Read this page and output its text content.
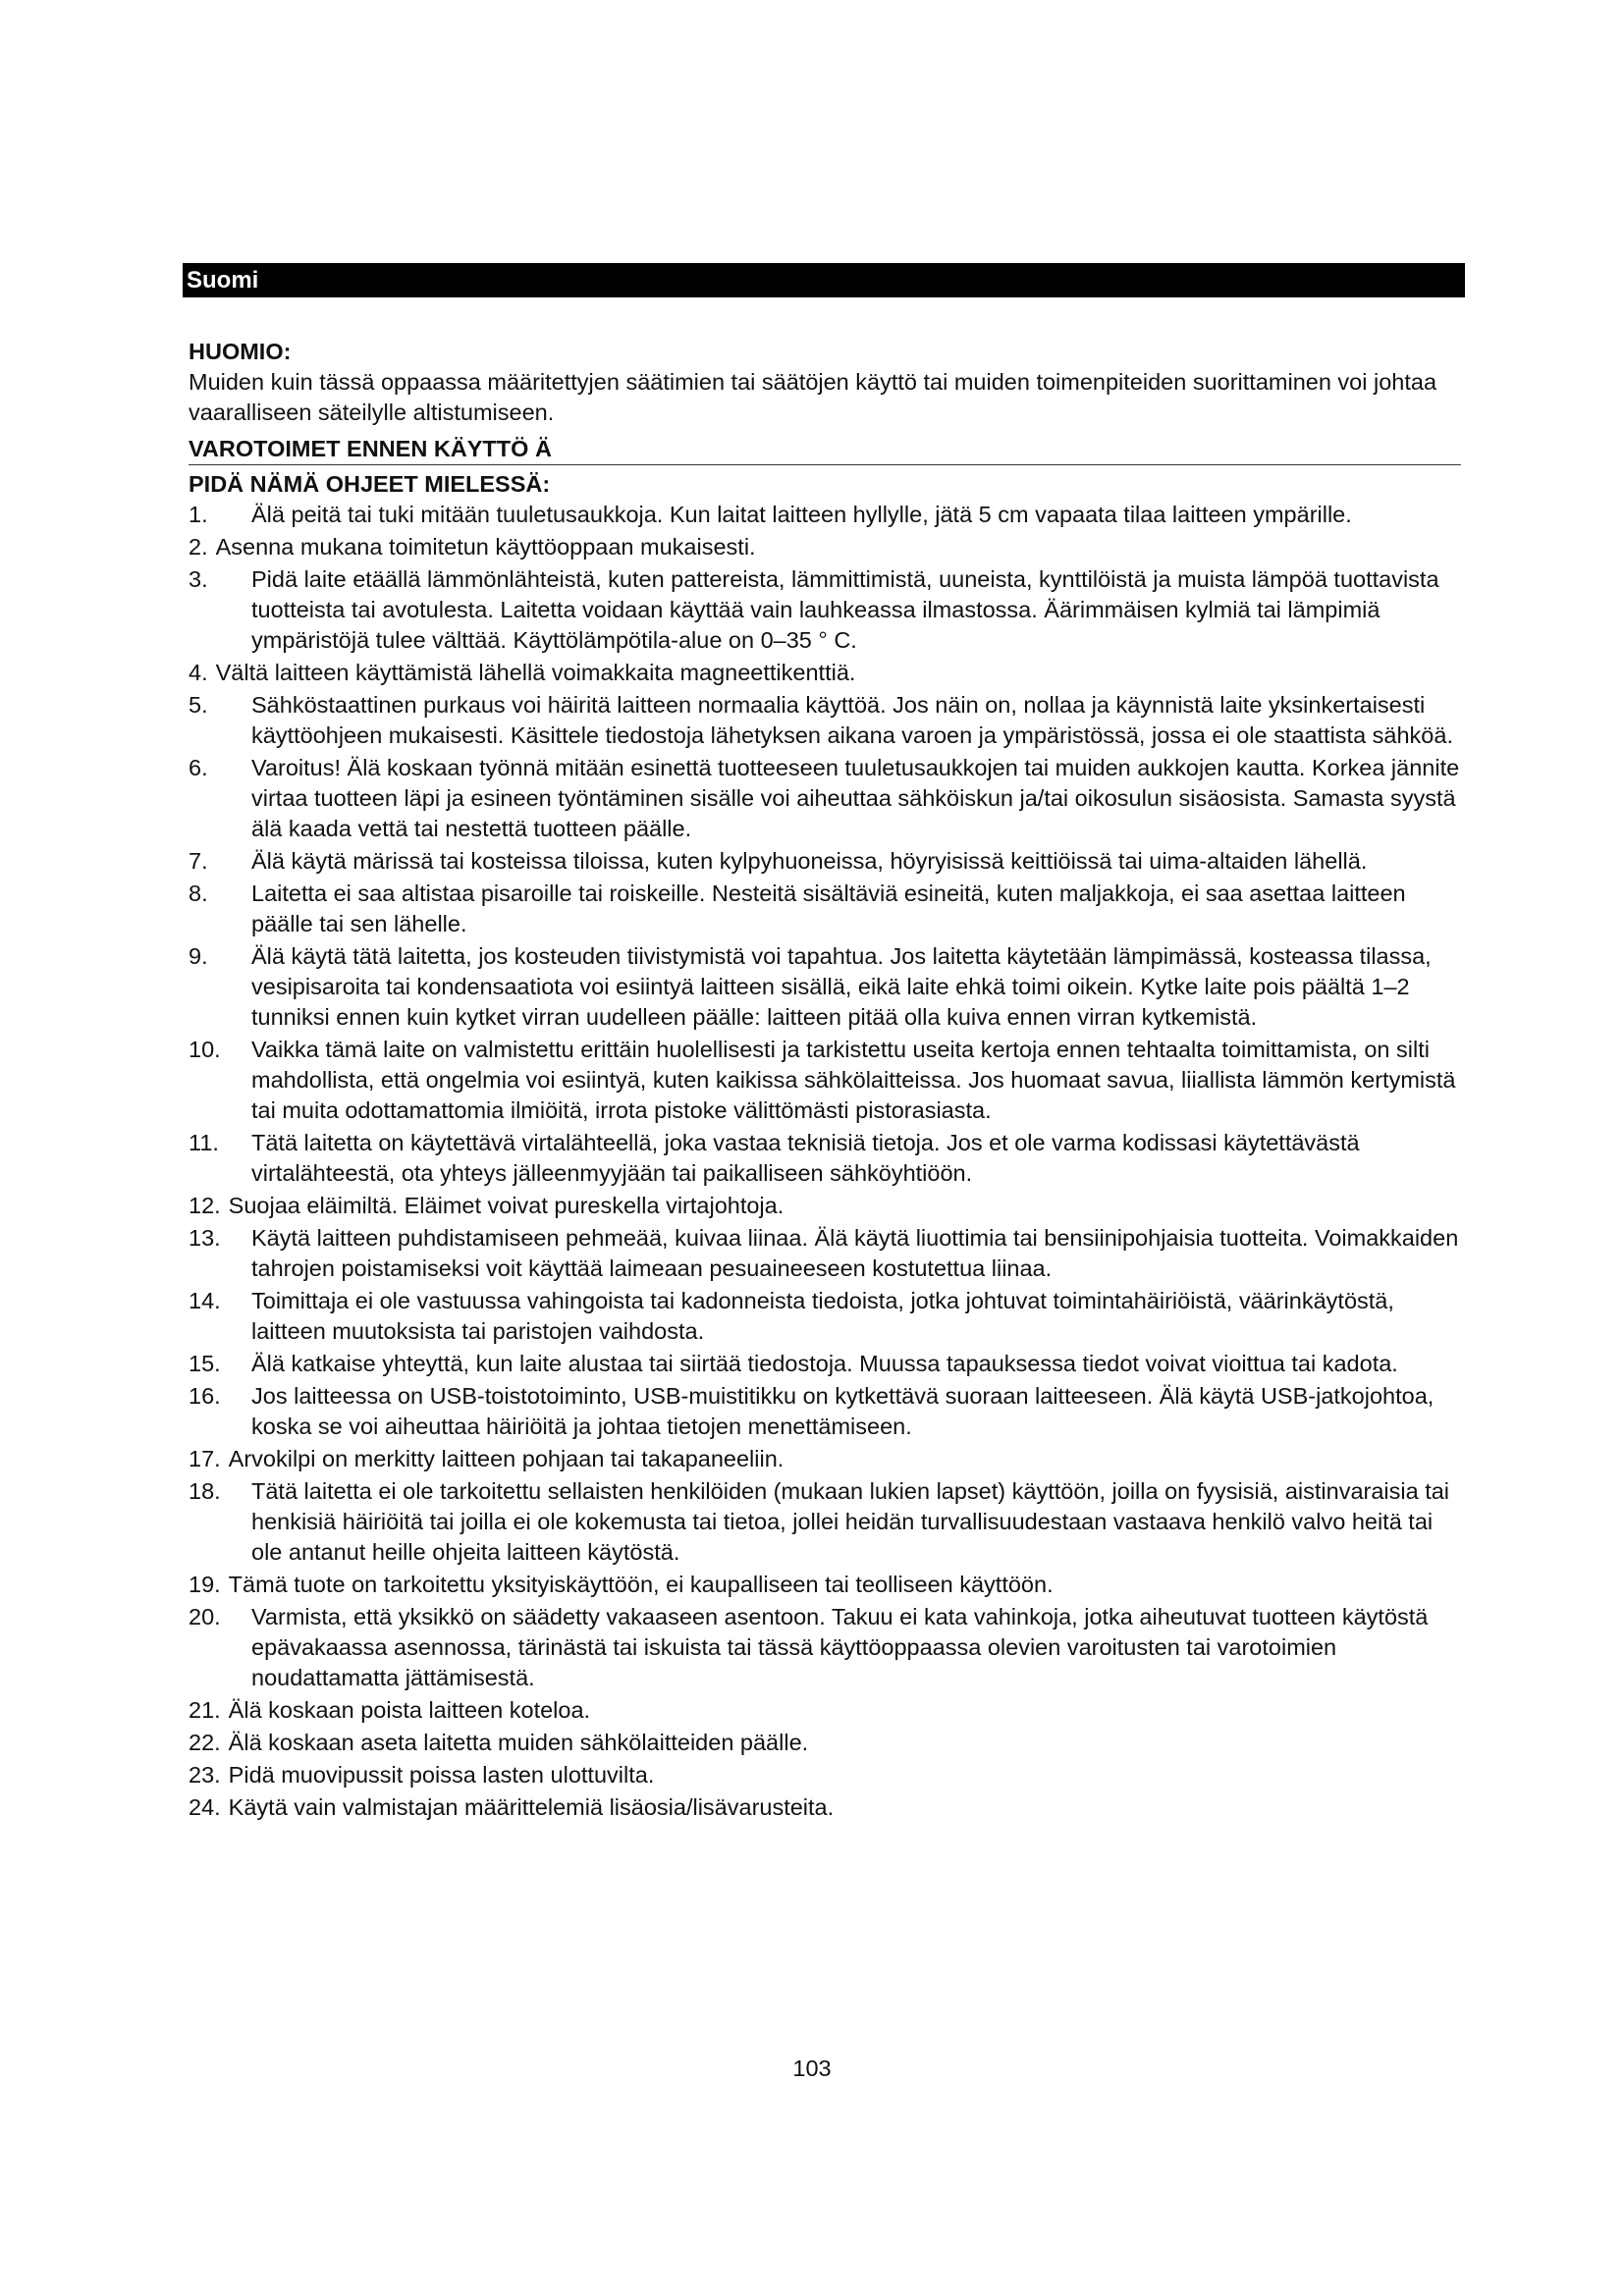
Suomi

HUOMIO:

Muiden kuin tässä oppaassa määritettyjen säätimien tai säätöjen käyttö tai muiden toimenpiteiden suorittaminen voi johtaa vaaralliseen säteilylle altistumiseen.

VAROTOIMET ENNEN KÄYTTÖ Ä

PIDÄ NÄMÄ OHJEET MIELESSÄ:

1.	Älä peitä tai tuki mitään tuuletusaukkoja. Kun laitat laitteen hyllylle, jätä 5 cm vapaata tilaa laitteen ympärille.
2. Asenna mukana toimitetun käyttöoppaan mukaisesti.
3.	Pidä laite etäällä lämmönlähteistä, kuten pattereista, lämmittimistä, uuneista, kynttilöistä ja muista lämpöä tuottavista tuotteista tai avotulesta. Laitetta voidaan käyttää vain lauhkeassa ilmastossa. Äärimmäisen kylmiä tai lämpimiä ympäristöjä tulee välttää. Käyttölämpötila-alue on 0–35 ° C.
4. Vältä laitteen käyttämistä lähellä voimakkaita magneettikenttiä.
5.	Sähköstaattinen purkaus voi häiritä laitteen normaalia käyttöä. Jos näin on, nollaa ja käynnistä laite yksinkertaisesti käyttöohjeen mukaisesti. Käsittele tiedostoja lähetyksen aikana varoen ja ympäristössä, jossa ei ole staattista sähköä.
6.	Varoitus! Älä koskaan työnnä mitään esinettä tuotteeseen tuuletusaukkojen tai muiden aukkojen kautta. Korkea jännite virtaa tuotteen läpi ja esineen työntäminen sisälle voi aiheuttaa sähköiskun ja/tai oikosulun sisäosista. Samasta syystä älä kaada vettä tai nestettä tuotteen päälle.
7.	Älä käytä märissä tai kosteissa tiloissa, kuten kylpyhuoneissa, höyryisissä keittiöissä tai uima-altaiden lähellä.
8.	Laitetta ei saa altistaa pisaroille tai roiskeille. Nesteitä sisältäviä esineitä, kuten maljakkoja, ei saa asettaa laitteen päälle tai sen lähelle.
9.	Älä käytä tätä laitetta, jos kosteuden tiivistymistä voi tapahtua. Jos laitetta käytetään lämpimässä, kosteassa tilassa, vesipisaroita tai kondensaatiota voi esiintyä laitteen sisällä, eikä laite ehkä toimi oikein. Kytke laite pois päältä 1–2 tunniksi ennen kuin kytket virran uudelleen päälle: laitteen pitää olla kuiva ennen virran kytkemistä.
10.	Vaikka tämä laite on valmistettu erittäin huolellisesti ja tarkistettu useita kertoja ennen tehtaalta toimittamista, on silti mahdollista, että ongelmia voi esiintyä, kuten kaikissa sähkölaitteissa. Jos huomaat savua, liiallista lämmön kertymistä tai muita odottamattomia ilmiöitä, irrota pistoke välittömästi pistorasiasta.
11.	Tätä laitetta on käytettävä virtalähteellä, joka vastaa teknisiä tietoja. Jos et ole varma kodissasi käytettävästä virtalähteestä, ota yhteys jälleenmyyjään tai paikalliseen sähköyhtiöön.
12. Suojaa eläimiltä. Eläimet voivat pureskella virtajohtoja.
13.	Käytä laitteen puhdistamiseen pehmeää, kuivaa liinaa. Älä käytä liuottimia tai bensiinipohjaisia tuotteita. Voimakkaiden tahrojen poistamiseksi voit käyttää laimeaan pesuaineeseen kostutettua liinaa.
14.	Toimittaja ei ole vastuussa vahingoista tai kadonneista tiedoista, jotka johtuvat toimintahäiriöistä, väärinkäytöstä, laitteen muutoksista tai paristojen vaihdosta.
15.	Älä katkaise yhteyttä, kun laite alustaa tai siirtää tiedostoja. Muussa tapauksessa tiedot voivat vioittua tai kadota.
16.	Jos laitteessa on USB-toistotoiminto, USB-muistitikku on kytkettävä suoraan laitteeseen. Älä käytä USB-jatkojohtoa, koska se voi aiheuttaa häiriöitä ja johtaa tietojen menettämiseen.
17. Arvokilpi on merkitty laitteen pohjaan tai takapaneeliin.
18.	Tätä laitetta ei ole tarkoitettu sellaisten henkilöiden (mukaan lukien lapset) käyttöön, joilla on fyysisiä, aistinvaraisia tai henkisiä häiriöitä tai joilla ei ole kokemusta tai tietoa, jollei heidän turvallisuudestaan vastaava henkilö valvo heitä tai ole antanut heille ohjeita laitteen käytöstä.
19. Tämä tuote on tarkoitettu yksityiskäyttöön, ei kaupalliseen tai teolliseen käyttöön.
20.	Varmista, että yksikkö on säädetty vakaaseen asentoon. Takuu ei kata vahinkoja, jotka aiheutuvat tuotteen käytöstä epävakaassa asennossa, tärinästä tai iskuista tai tässä käyttöoppaassa olevien varoitusten tai varotoimien noudattamatta jättämisestä.
21. Älä koskaan poista laitteen koteloa.
22. Älä koskaan aseta laitetta muiden sähkölaitteiden päälle.
23. Pidä muovipussit poissa lasten ulottuvilta.
24. Käytä vain valmistajan määrittelemiä lisäosia/lisävarusteita.
103
